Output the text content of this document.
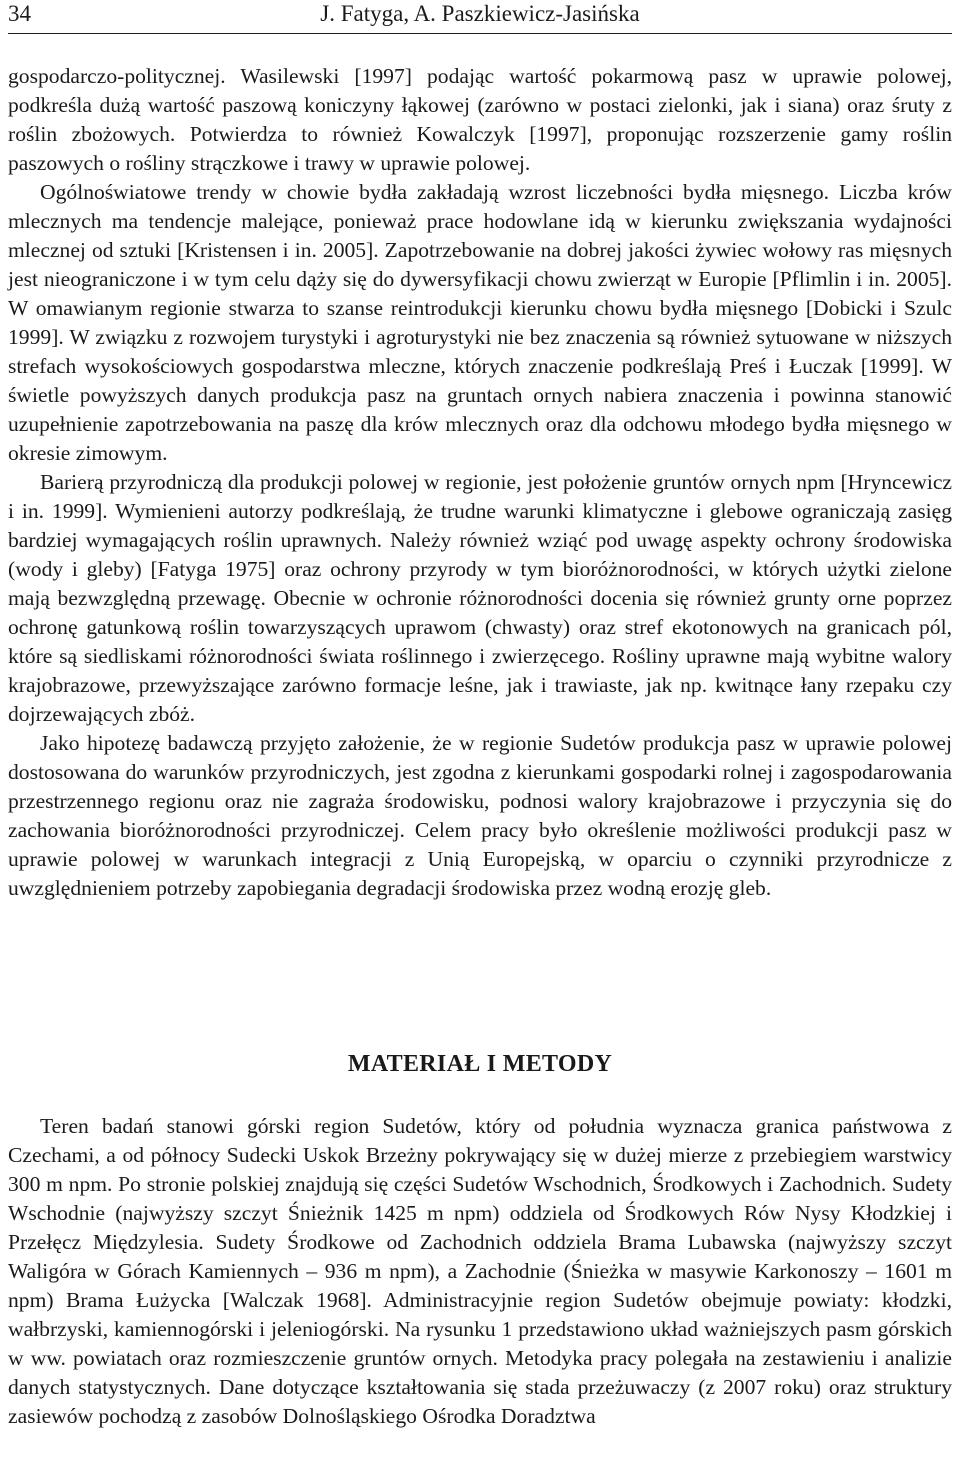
34	J. Fatyga, A. Paszkiewicz-Jasińska

gospodarczo-politycznej. Wasilewski [1997] podając wartość pokarmową pasz w uprawie polowej, podkreśla dużą wartość paszową koniczyny łąkowej (zarówno w postaci zielonki, jak i siana) oraz śruty z roślin zbożowych. Potwierdza to również Kowalczyk [1997], proponując rozszerzenie gamy roślin paszowych o rośliny strączkowe i trawy w uprawie polowej.

Ogólnoświatowe trendy w chowie bydła zakładają wzrost liczebności bydła mięsnego. Liczba krów mlecznych ma tendencje malejące, ponieważ prace hodowlane idą w kierunku zwiększania wydajności mlecznej od sztuki [Kristensen i in. 2005]. Zapotrzebowanie na dobrej jakości żywiec wołowy ras mięsnych jest nieograniczone i w tym celu dąży się do dywersyfikacji chowu zwierząt w Europie [Pflimlin i in. 2005]. W omawianym regionie stwarza to szanse reintrodukcji kierunku chowu bydła mięsnego [Dobicki i Szulc 1999]. W związku z rozwojem turystyki i agroturystyki nie bez znaczenia są również sytuowane w niższych strefach wysokościowych gospodarstwa mleczne, których znaczenie podkreślają Preś i Łuczak [1999]. W świetle powyższych danych produkcja pasz na gruntach ornych nabiera znaczenia i powinna stanowić uzupełnienie zapotrzebowania na paszę dla krów mlecznych oraz dla odchowu młodego bydła mięsnego w okresie zimowym.

Barierą przyrodniczą dla produkcji polowej w regionie, jest położenie gruntów ornych npm [Hryncewicz i in. 1999]. Wymienieni autorzy podkreślają, że trudne warunki klimatyczne i glebowe ograniczają zasięg bardziej wymagających roślin uprawnych. Należy również wziąć pod uwagę aspekty ochrony środowiska (wody i gleby) [Fatyga 1975] oraz ochrony przyrody w tym bioróżnorodności, w których użytki zielone mają bezwzględną przewagę. Obecnie w ochronie różnorodności docenia się również grunty orne poprzez ochronę gatunkową roślin towarzyszących uprawom (chwasty) oraz stref ekotonowych na granicach pól, które są siedliskami różnorodności świata roślinnego i zwierzęcego. Rośliny uprawne mają wybitne walory krajobrazowe, przewyższające zarówno formacje leśne, jak i trawiaste, jak np. kwitnące łany rzepaku czy dojrzewających zbóż.

Jako hipotezę badawczą przyjęto założenie, że w regionie Sudetów produkcja pasz w uprawie polowej dostosowana do warunków przyrodniczych, jest zgodna z kierunkami gospodarki rolnej i zagospodarowania przestrzennego regionu oraz nie zagraża środowisku, podnosi walory krajobrazowe i przyczynia się do zachowania bioróżnorodności przyrodniczej. Celem pracy było określenie możliwości produkcji pasz w uprawie polowej w warunkach integracji z Unią Europejską, w oparciu o czynniki przyrodnicze z uwzględnieniem potrzeby zapobiegania degradacji środowiska przez wodną erozję gleb.

MATERIAŁ I METODY

Teren badań stanowi górski region Sudetów, który od południa wyznacza granica państwowa z Czechami, a od północy Sudecki Uskok Brzeżny pokrywający się w dużej mierze z przebiegiem warstwicy 300 m npm. Po stronie polskiej znajdują się części Sudetów Wschodnich, Środkowych i Zachodnich. Sudety Wschodnie (najwyższy szczyt Śnieżnik 1425 m npm) oddziela od Środkowych Rów Nysy Kłodzkiej i Przełęcz Międzylesia. Sudety Środkowe od Zachodnich oddziela Brama Lubawska (najwyższy szczyt Waligóra w Górach Kamiennych – 936 m npm), a Zachodnie (Śnieżka w masywie Karkonoszy – 1601 m npm) Brama Łużycka [Walczak 1968]. Administracyjnie region Sudetów obejmuje powiaty: kłodzki, wałbrzyski, kamiennogórski i jeleniogórski. Na rysunku 1 przedstawiono układ ważniejszych pasm górskich w ww. powiatach oraz rozmieszczenie gruntów ornych. Metodyka pracy polegała na zestawieniu i analizie danych statystycznych. Dane dotyczące kształtowania się stada przeżuwaczy (z 2007 roku) oraz struktury zasiewów pochodzą z zasobów Dolnośląskiego Ośrodka Doradztwa
